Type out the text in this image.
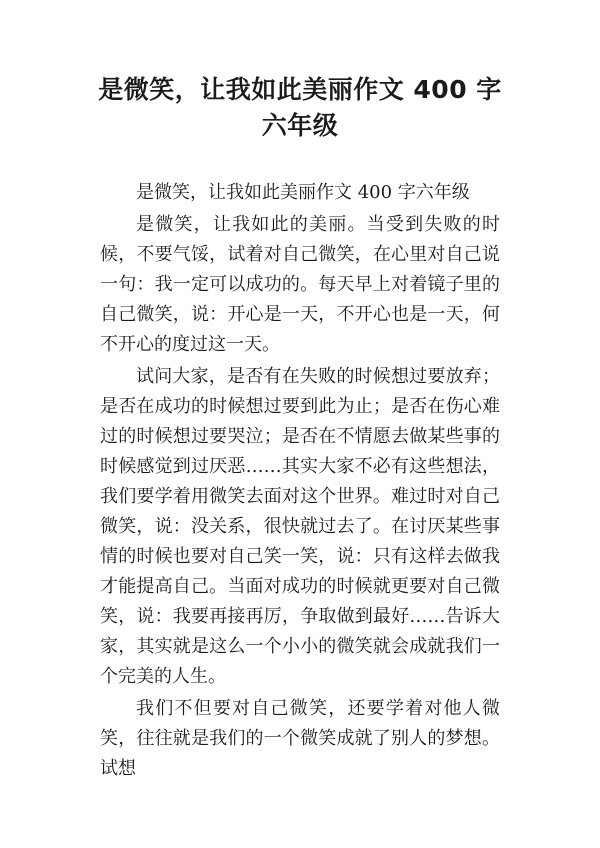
是微笑，让我如此美丽作文 400 字六年级

是微笑，让我如此美丽作文 400 字六年级

是微笑，让我如此的美丽。当受到失败的时候，不要气馁，试着对自己微笑，在心里对自己说一句：我一定可以成功的。每天早上对着镜子里的自己微笑，说：开心是一天，不开心也是一天，何不开心的度过这一天。

试问大家，是否有在失败的时候想过要放弃；是否在成功的时候想过要到此为止；是否在伤心难过的时候想过要哭泣；是否在不情愿去做某些事的时候感觉到过厌恶……其实大家不必有这些想法，我们要学着用微笑去面对这个世界。难过时对自己微笑，说：没关系，很快就过去了。在讨厌某些事情的时候也要对自己笑一笑，说：只有这样去做我才能提高自己。当面对成功的时候就更要对自己微笑，说：我要再接再厉，争取做到最好……告诉大家，其实就是这么一个小小的微笑就会成就我们一个完美的人生。

我们不但要对自己微笑，还要学着对他人微笑，往往就是我们的一个微笑成就了别人的梦想。试想
